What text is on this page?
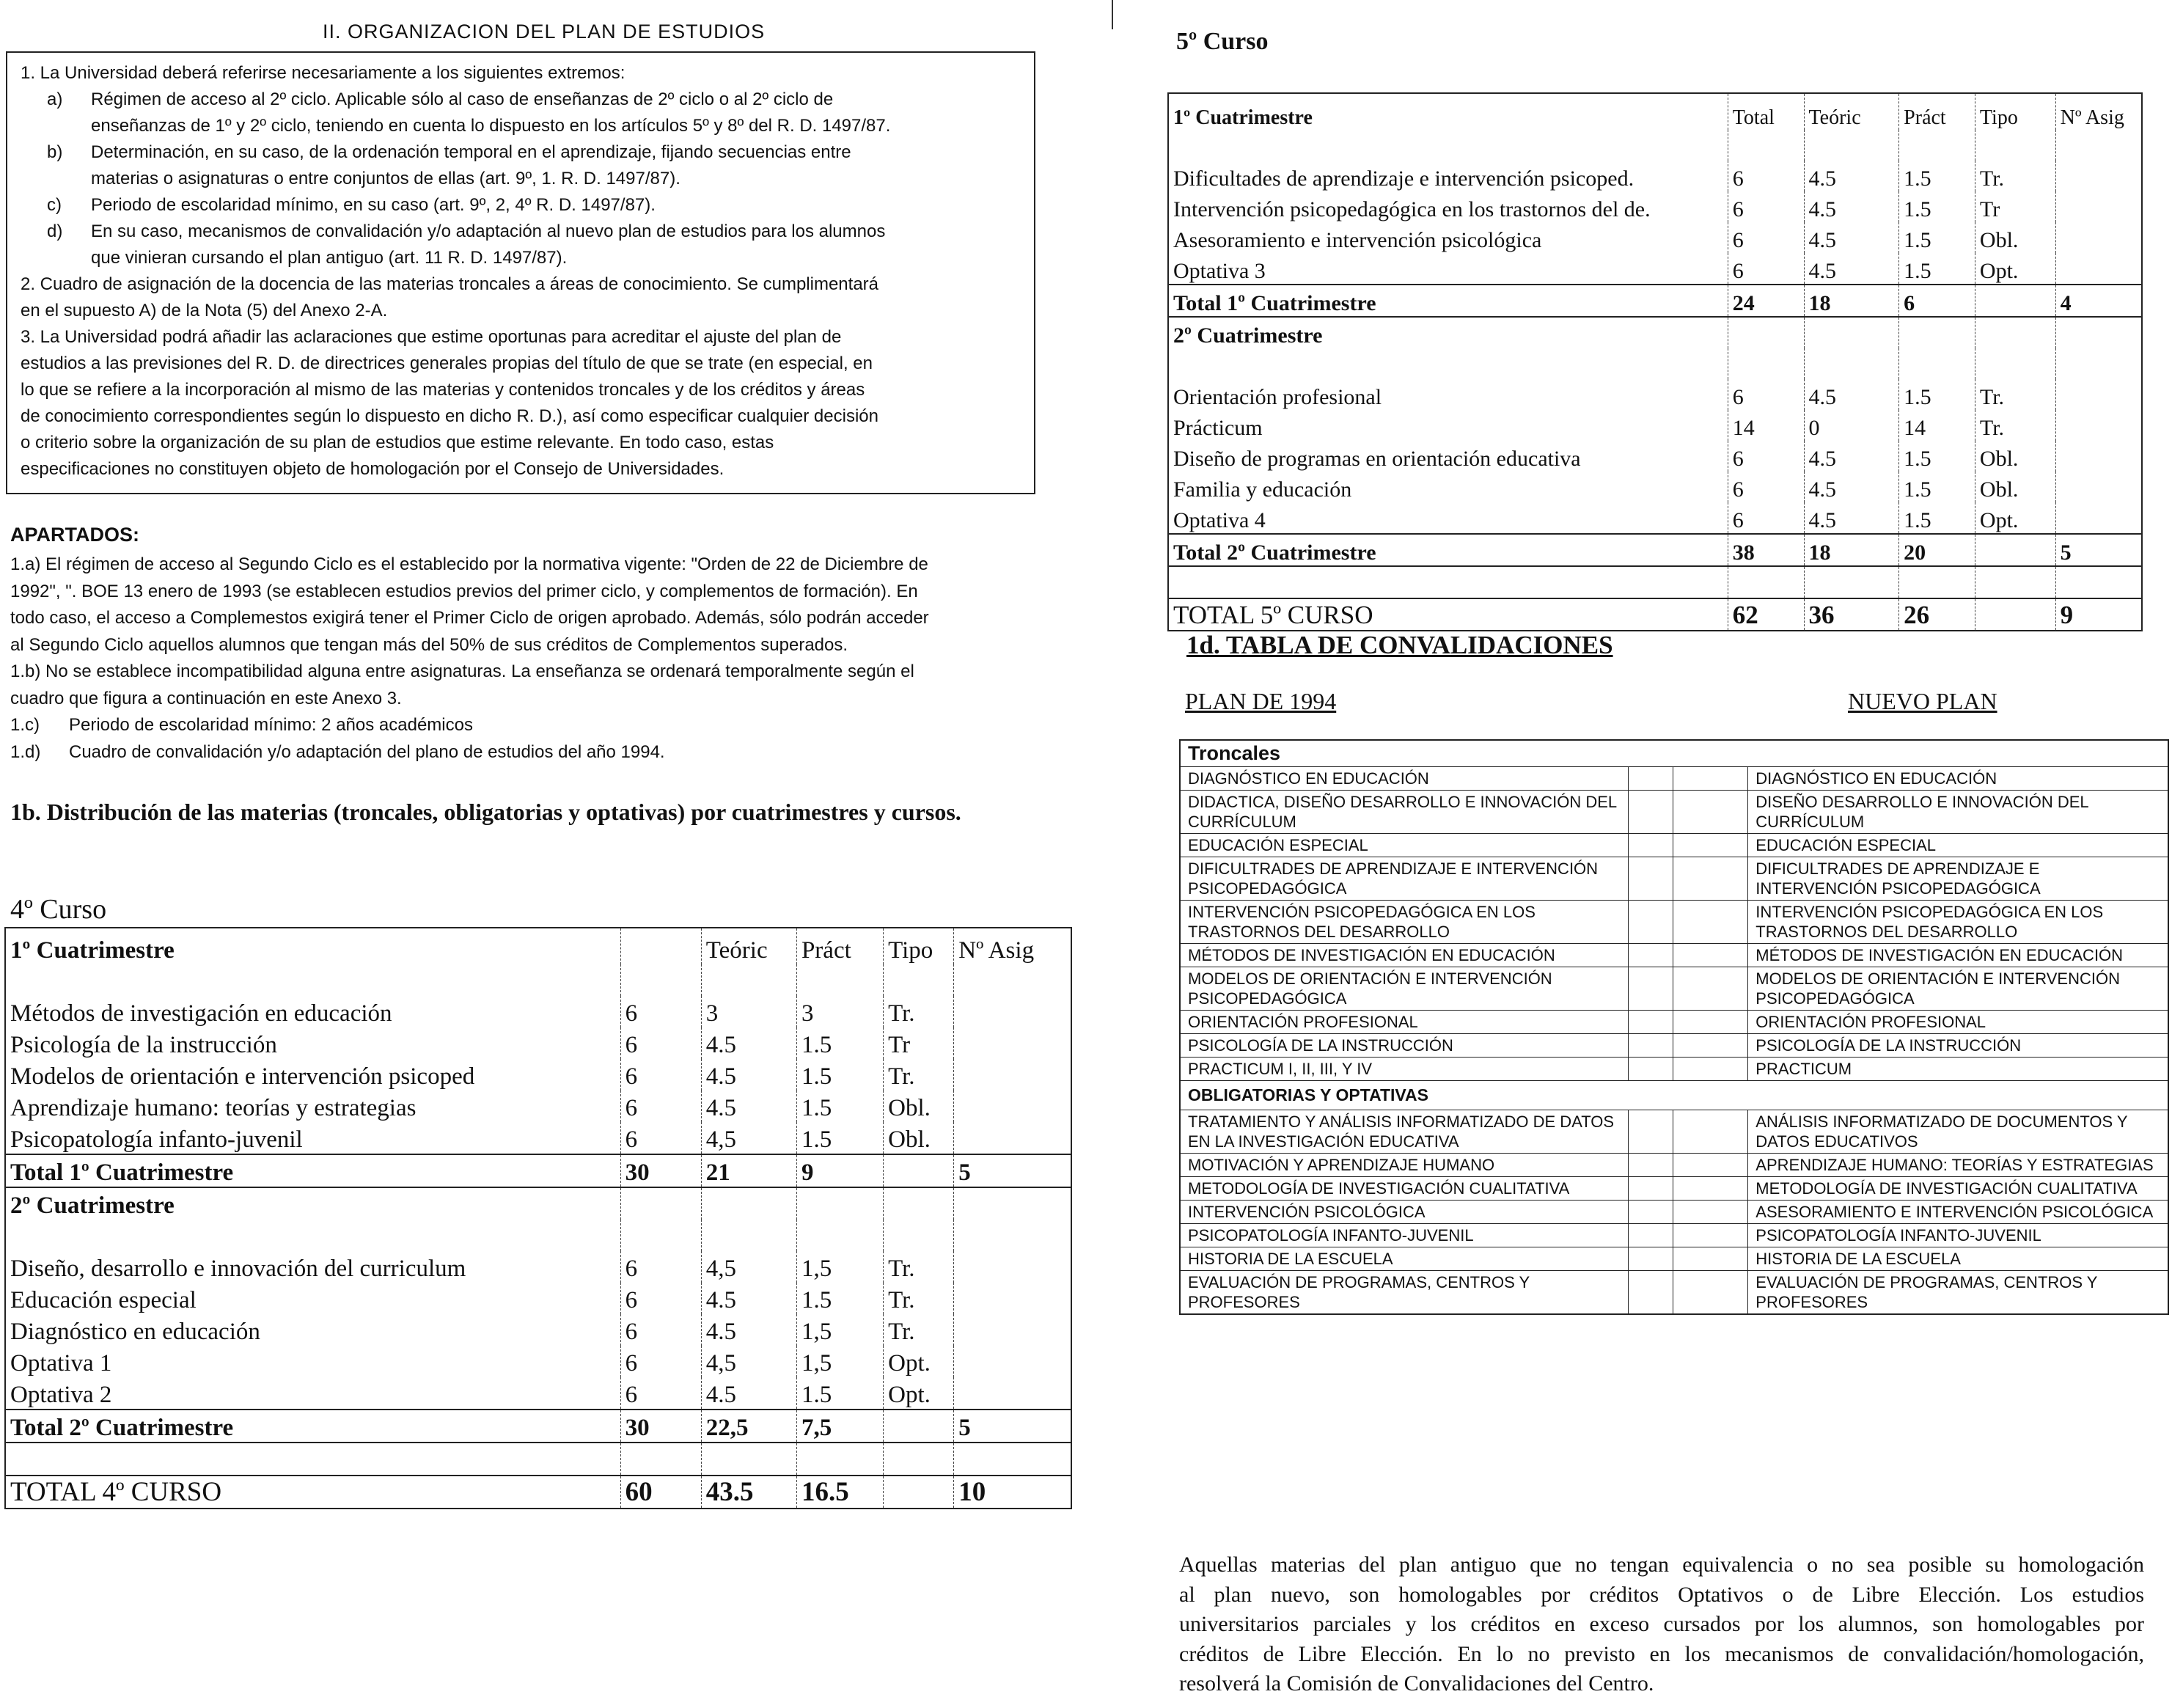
II. ORGANIZACION DEL PLAN DE ESTUDIOS
1. La Universidad deberá referirse necesariamente a los siguientes extremos:
a) Régimen de acceso al 2º ciclo. Aplicable sólo al caso de enseñanzas de 2º ciclo o al 2º ciclo de
enseñanzas de 1º y 2º ciclo, teniendo en cuenta lo dispuesto en los artículos 5º y 8º del R. D. 1497/87.
b) Determinación, en su caso, de la ordenación temporal en el aprendizaje, fijando secuencias entre
materias o asignaturas o entre conjuntos de ellas (art. 9º, 1. R. D. 1497/87).
c) Periodo de escolaridad mínimo, en su caso (art. 9º, 2, 4º R. D. 1497/87).
d) En su caso, mecanismos de convalidación y/o adaptación al nuevo plan de estudios para los alumnos
que vinieran cursando el plan antiguo (art. 11 R. D. 1497/87).
2. Cuadro de asignación de la docencia de las materias troncales a áreas de conocimiento. Se cumplimentará
en el supuesto A) de la Nota (5) del Anexo 2-A.
3. La Universidad podrá añadir las aclaraciones que estime oportunas para acreditar el ajuste del plan de
estudios a las previsiones del R. D. de directrices generales propias del título de que se trate (en especial, en
lo que se refiere a la incorporación al mismo de las materias y contenidos troncales y de los créditos y áreas
de conocimiento correspondientes según lo dispuesto en dicho R. D.), así como especificar cualquier decisión
o criterio sobre la organización de su plan de estudios que estime relevante. En todo caso, estas
especificaciones no constituyen objeto de homologación por el Consejo de Universidades.
APARTADOS:
1.a) El régimen de acceso al Segundo Ciclo es el establecido por la normativa vigente: "Orden de 22 de Diciembre de
1992", ". BOE 13 enero de 1993 (se establecen estudios previos del primer ciclo, y complementos de formación). En
todo caso, el acceso a Complemestos exigirá tener el Primer Ciclo de origen aprobado. Además, sólo podrán acceder
al Segundo Ciclo aquellos alumnos que tengan más del 50% de sus créditos de Complementos superados.
1.b) No se establece incompatibilidad alguna entre asignaturas. La enseñanza se ordenará temporalmente según el
cuadro que figura a continuación en este Anexo 3.
1.c) Periodo de escolaridad mínimo: 2 años académicos
1.d) Cuadro de convalidación y/o adaptación del plano de estudios del año 1994.
1b. Distribución de las materias (troncales, obligatorias y optativas) por cuatrimestres y cursos.
4º Curso
1º Cuatrimestre		Teóric	Práct	Tipo	Nº Asig

Métodos de investigación en educación	6	3	3	Tr.	
Psicología de la instrucción	6	4.5	1.5	Tr	
Modelos de orientación e intervención psicoped	6	4.5	1.5	Tr.	
Aprendizaje humano: teorías y estrategias	6	4.5	1.5	Obl.	
Psicopatología infanto-juvenil	6	4,5	1.5	Obl.	
Total 1º Cuatrimestre	30	21	9		5
2º Cuatrimestre					

Diseño, desarrollo e innovación del curriculum	6	4,5	1,5	Tr.	
Educación especial	6	4.5	1.5	Tr.	
Diagnóstico en educación	6	4.5	1,5	Tr.	
Optativa 1	6	4,5	1,5	Opt.	
Optativa 2	6	4.5	1.5	Opt.	
Total 2º Cuatrimestre	30	22,5	7,5		5

TOTAL 4º CURSO	60	43.5	16.5		10
5º Curso
1º Cuatrimestre	Total	Teóric	Práct	Tipo	Nº Asig

Dificultades de aprendizaje e intervención psicoped.	6	4.5	1.5	Tr.	
Intervención psicopedagógica en los trastornos del de.	6	4.5	1.5	Tr	
Asesoramiento e intervención psicológica	6	4.5	1.5	Obl.	
Optativa 3	6	4.5	1.5	Opt.	
Total 1º Cuatrimestre	24	18	6		4
2º Cuatrimestre					

Orientación profesional	6	4.5	1.5	Tr.	
Prácticum	14	0	14	Tr.	
Diseño de programas en orientación educativa	6	4.5	1.5	Obl.	
Familia y educación	6	4.5	1.5	Obl.	
Optativa 4	6	4.5	1.5	Opt.	
Total 2º Cuatrimestre	38	18	20		5

TOTAL 5º CURSO	62	36	26		9
1d. TABLA DE CONVALIDACIONES
PLAN DE 1994	NUEVO PLAN
Troncales			
DIAGNÓSTICO EN EDUCACIÓN			DIAGNÓSTICO EN EDUCACIÓN
DIDACTICA, DISEÑO DESARROLLO E INNOVACIÓN DEL CURRÍCULUM			DISEÑO DESARROLLO E INNOVACIÓN DEL CURRÍCULUM
EDUCACIÓN ESPECIAL			EDUCACIÓN ESPECIAL
DIFICULTRADES DE APRENDIZAJE E INTERVENCIÓN PSICOPEDAGÓGICA			DIFICULTRADES DE APRENDIZAJE E INTERVENCIÓN PSICOPEDAGÓGICA
INTERVENCIÓN PSICOPEDAGÓGICA EN LOS TRASTORNOS DEL DESARROLLO			INTERVENCIÓN PSICOPEDAGÓGICA EN LOS TRASTORNOS DEL DESARROLLO
MÉTODOS DE INVESTIGACIÓN EN EDUCACIÓN			MÉTODOS DE INVESTIGACIÓN EN EDUCACIÓN
MODELOS DE ORIENTACIÓN E INTERVENCIÓN PSICOPEDAGÓGICA			MODELOS DE ORIENTACIÓN E INTERVENCIÓN PSICOPEDAGÓGICA
ORIENTACIÓN PROFESIONAL			ORIENTACIÓN PROFESIONAL
PSICOLOGÍA DE LA INSTRUCCIÓN			PSICOLOGÍA DE LA INSTRUCCIÓN
PRACTICUM I, II, III, Y IV			PRACTICUM
OBLIGATORIAS Y OPTATIVAS			
TRATAMIENTO Y ANÁLISIS INFORMATIZADO DE DATOS EN LA INVESTIGACIÓN EDUCATIVA			ANÁLISIS INFORMATIZADO DE DOCUMENTOS Y DATOS EDUCATIVOS
MOTIVACIÓN Y APRENDIZAJE HUMANO			APRENDIZAJE HUMANO: TEORÍAS Y ESTRATEGIAS
METODOLOGÍA DE INVESTIGACIÓN CUALITATIVA			METODOLOGÍA DE INVESTIGACIÓN CUALITATIVA
INTERVENCIÓN PSICOLÓGICA			ASESORAMIENTO E INTERVENCIÓN PSICOLÓGICA
PSICOPATOLOGÍA INFANTO-JUVENIL			PSICOPATOLOGÍA INFANTO-JUVENIL
HISTORIA DE LA ESCUELA			HISTORIA DE LA ESCUELA
EVALUACIÓN DE PROGRAMAS, CENTROS Y PROFESORES			EVALUACIÓN DE PROGRAMAS, CENTROS Y PROFESORES
Aquellas materias del plan antiguo que no tengan equivalencia o no sea posible su homologación
al plan nuevo, son homologables por créditos Optativos o de Libre Elección. Los estudios
universitarios parciales y los créditos en exceso cursados por los alumnos, son homologables por
créditos de Libre Elección. En lo no previsto en los mecanismos de convalidación/homologación,
resolverá la Comisión de Convalidaciones del Centro.
